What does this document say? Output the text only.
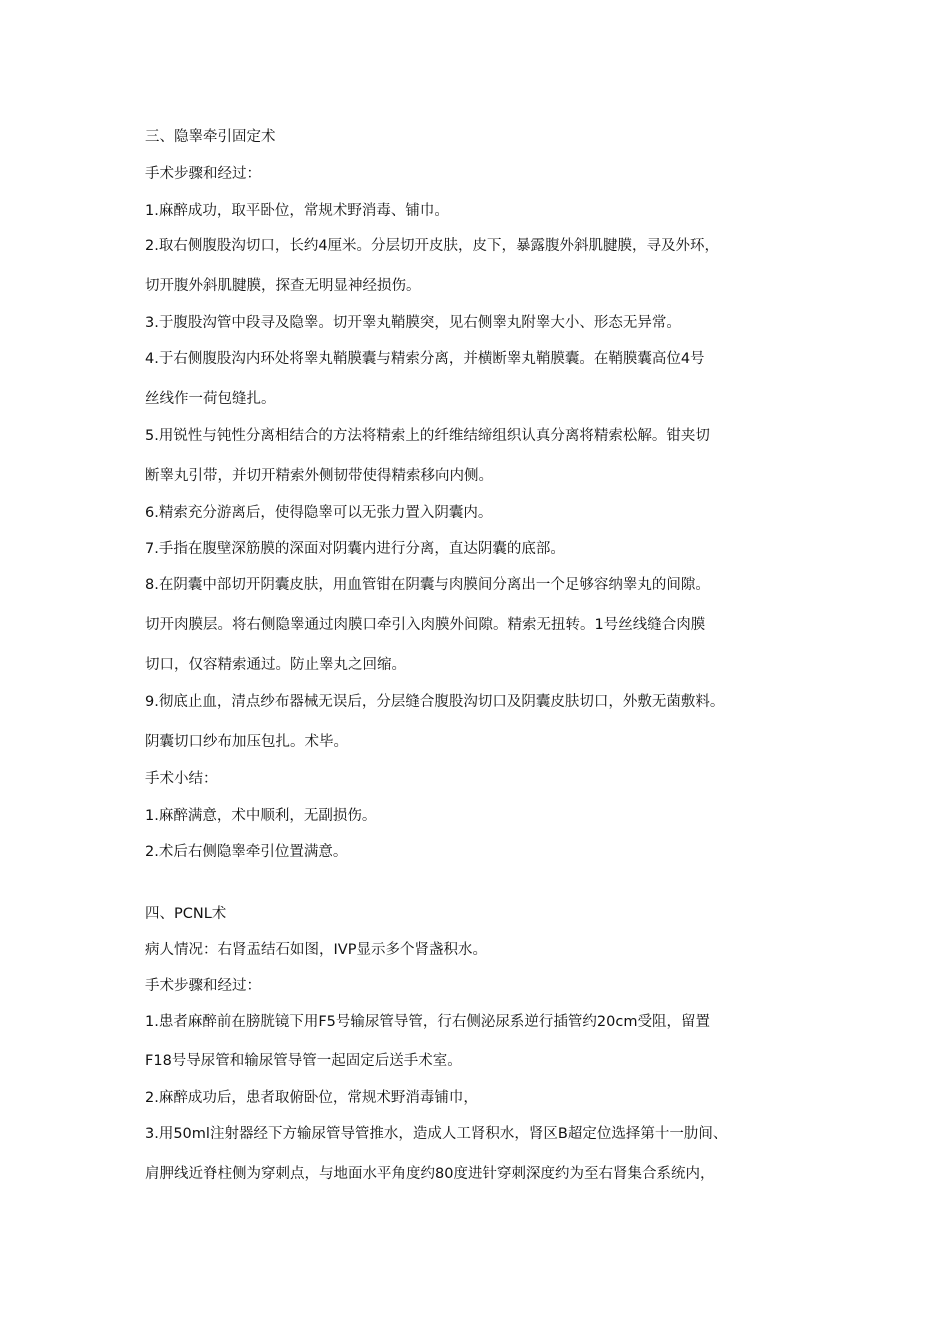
三、隐睾牵引固定术
手术步骤和经过：
1.麻醉成功，取平卧位，常规术野消毒、铺巾。
2.取右侧腹股沟切口，长约4厘米。分层切开皮肤，皮下，暴露腹外斜肌腱膜，寻及外环，
切开腹外斜肌腱膜，探查无明显神经损伤。
3.于腹股沟管中段寻及隐睾。切开睾丸鞘膜突，见右侧睾丸附睾大小、形态无异常。
4.于右侧腹股沟内环处将睾丸鞘膜囊与精索分离，并横断睾丸鞘膜囊。在鞘膜囊高位4号
丝线作一荷包缝扎。
5.用锐性与钝性分离相结合的方法将精索上的纤维结缔组织认真分离将精索松解。钳夹切
断睾丸引带，并切开精索外侧韧带使得精索移向内侧。
6.精索充分游离后，使得隐睾可以无张力置入阴囊内。
7.手指在腹壁深筋膜的深面对阴囊内进行分离，直达阴囊的底部。
8.在阴囊中部切开阴囊皮肤，用血管钳在阴囊与肉膜间分离出一个足够容纳睾丸的间隙。
切开肉膜层。将右侧隐睾通过肉膜口牵引入肉膜外间隙。精索无扭转。1号丝线缝合肉膜
切口，仅容精索通过。防止睾丸之回缩。
9.彻底止血，清点纱布器械无误后，分层缝合腹股沟切口及阴囊皮肤切口，外敷无菌敷料。
阴囊切口纱布加压包扎。术毕。
手术小结：
1.麻醉满意，术中顺利，无副损伤。
2.术后右侧隐睾牵引位置满意。
四、PCNL术
病人情况：右肾盂结石如图，IVP显示多个肾盏积水。
手术步骤和经过：
1.患者麻醉前在膀胱镜下用F5号输尿管导管，行右侧泌尿系逆行插管约20cm受阻，留置
F18号导尿管和输尿管导管一起固定后送手术室。
2.麻醉成功后，患者取俯卧位，常规术野消毒铺巾，
3.用50ml注射器经下方输尿管导管推水，造成人工肾积水，肾区B超定位选择第十一肋间、
肩胛线近脊柱侧为穿刺点，与地面水平角度约80度进针穿刺深度约为至右肾集合系统内，
